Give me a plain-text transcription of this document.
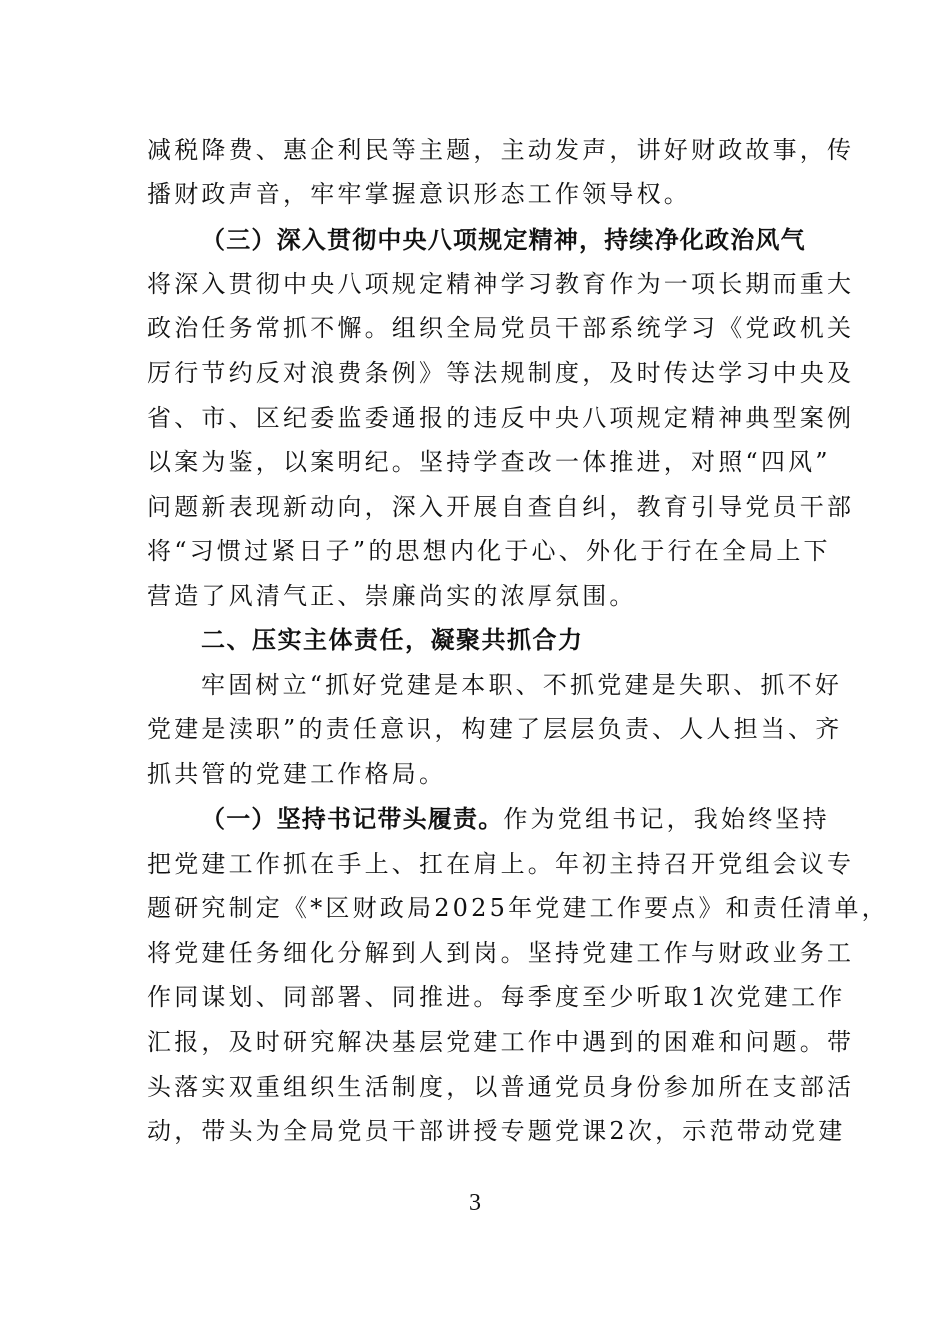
减税降费、惠企利民等主题，主动发声，讲好财政故事，传
播财政声音，牢牢掌握意识形态工作领导权。
（三）深入贯彻中央八项规定精神，持续净化政治风气
将深入贯彻中央八项规定精神学习教育作为一项长期而重大
政治任务常抓不懈。组织全局党员干部系统学习《党政机关
厉行节约反对浪费条例》等法规制度，及时传达学习中央及
省、市、区纪委监委通报的违反中央八项规定精神典型案例
以案为鉴，以案明纪。坚持学查改一体推进，对照“四风”
问题新表现新动向，深入开展自查自纠，教育引导党员干部
将“习惯过紧日子”的思想内化于心、外化于行在全局上下
营造了风清气正、崇廉尚实的浓厚氛围。
二、压实主体责任，凝聚共抓合力
牢固树立“抓好党建是本职、不抓党建是失职、抓不好
党建是渎职”的责任意识，构建了层层负责、人人担当、齐
抓共管的党建工作格局。
（一）坚持书记带头履责。作为党组书记，我始终坚持
把党建工作抓在手上、扛在肩上。年初主持召开党组会议专
题研究制定《*区财政局2025年党建工作要点》和责任清单，
将党建任务细化分解到人到岗。坚持党建工作与财政业务工
作同谋划、同部署、同推进。每季度至少听取1次党建工作
汇报，及时研究解决基层党建工作中遇到的困难和问题。带
头落实双重组织生活制度，以普通党员身份参加所在支部活
动，带头为全局党员干部讲授专题党课2次，示范带动党建
3
